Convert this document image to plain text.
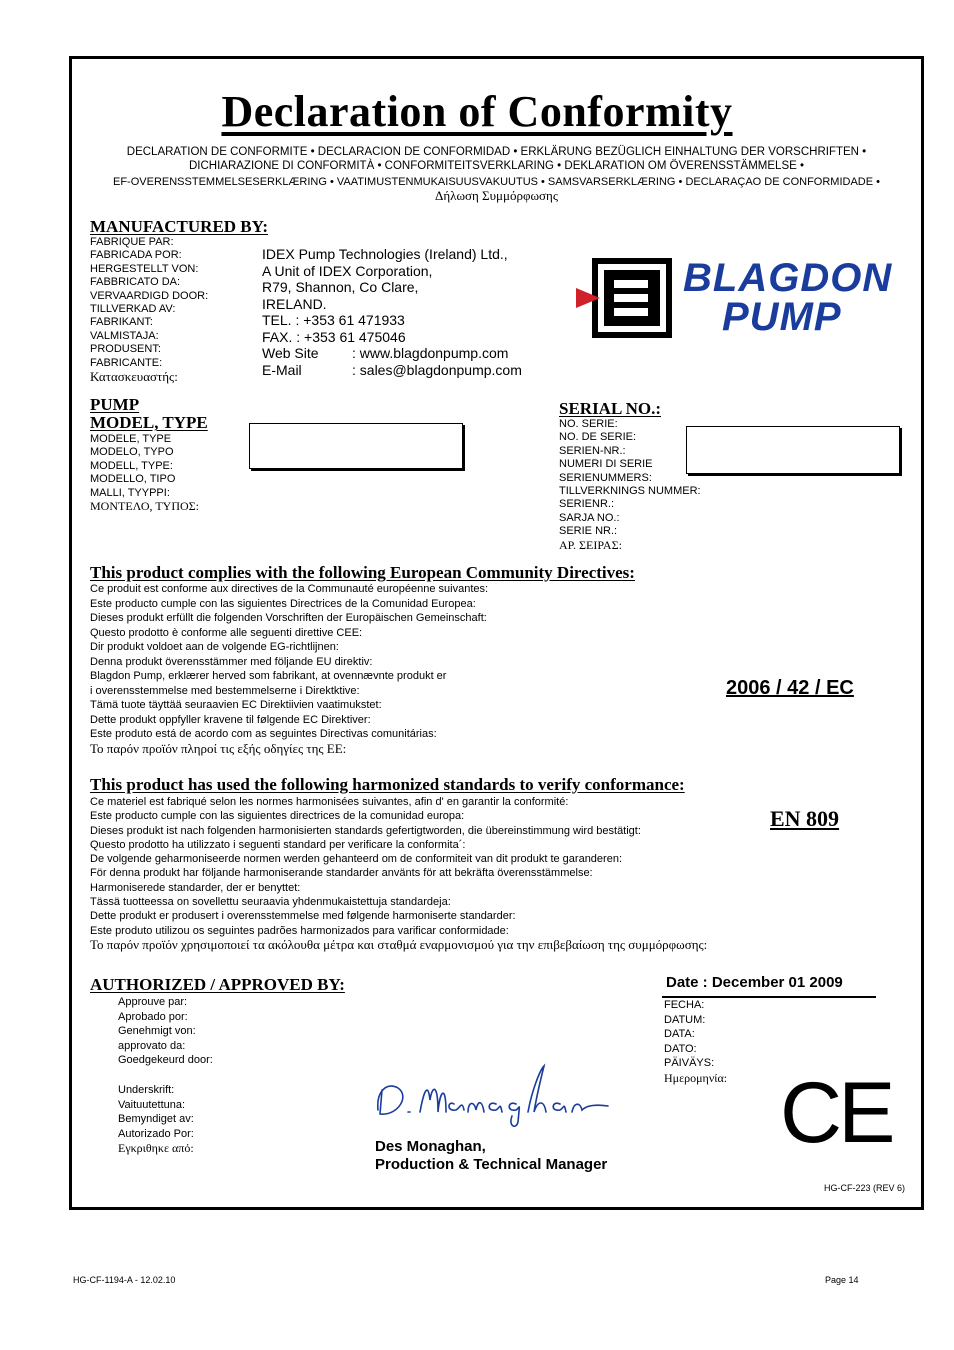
Declaration of Conformity
DECLARATION DE CONFORMITE • DECLARACION DE CONFORMIDAD • ERKLÄRUNG BEZÜGLICH EINHALTUNG DER VORSCHRIFTEN •
DICHIARAZIONE DI CONFORMITÀ • CONFORMITEITSVERKLARING • DEKLARATION OM ÖVERENSSTÄMMELSE •
EF-OVERENSSTEMMELSESERKLÆRING • VAATIMUSTENMUKAISUUSVAKUUTUS • SAMSVARSERKLÆRING • DECLARAÇAO DE CONFORMIDADE •
Δήλωση Συμμόρφωσης
MANUFACTURED BY:
FABRIQUE PAR:
FABRICADA POR:
HERGESTELLT VON:
FABBRICATO DA:
VERVAARDIGD DOOR:
TILLVERKAD AV:
FABRIKANT:
VALMISTAJA:
PRODUSENT:
FABRICANTE:
Κατασκευαστής:
IDEX Pump Technologies (Ireland) Ltd.,
A Unit of IDEX Corporation,
R79, Shannon, Co Clare,
IRELAND.
TEL. : +353 61 471933
FAX. : +353 61 475046
Web Site : www.blagdonpump.com
E-Mail	: sales@blagdonpump.com
BLAGDON
PUMP
PUMP
MODEL, TYPE
MODELE, TYPE
MODELO, TYPO
MODELL, TYPE:
MODELLO, TIPO
MALLI, TYYPPI:
ΜΟΝΤΕΛΟ, ΤΥΠΟΣ:
SERIAL NO.:
NO. SERIE:
NO. DE SERIE:
SERIEN-NR.:
NUMERI DI SERIE
SERIENUMMERS:
TILLVERKNINGS NUMMER:
SERIENR.:
SARJA NO.:
SERIE NR.:
ΑΡ. ΣΕΙΡΑΣ:
This product complies with the following European Community Directives:
Ce produit est conforme aux directives de la Communauté européenne suivantes:
Este producto cumple con las siguientes Directrices de la Comunidad Europea:
Dieses produkt erfüllt die folgenden Vorschriften der Europäischen Gemeinschaft:
Questo prodotto è conforme alle seguenti direttive CEE:
Dir produkt voldoet aan de volgende EG-richtlijnen:
Denna produkt överensstämmer med följande EU direktiv:
Blagdon Pump, erklærer herved som fabrikant, at ovennævnte produkt er
i overensstemmelse med bestemmelserne i Direktktive:
Tämä tuote täyttää seuraavien EC Direktiivien vaatimukstet:
Dette produkt oppfyller kravene til følgende EC Direktiver:
Este produto está de acordo com as seguintes Directivas comunitárias:
Το παρόν προϊόν πληροί τις εξής οδηγίες της ΕΕ:
2006 / 42 / EC
This product has used the following harmonized standards to verify conformance:
Ce materiel est fabriqué selon les normes harmonisées suivantes, afin d' en garantir la conformité:
Este producto cumple con las siguientes directrices de la comunidad europa:
Dieses produkt ist nach folgenden harmonisierten standards gefertigtworden, die übereinstimmung wird bestätigt:
Questo prodotto ha utilizzato i seguenti standard per verificare la conformita´:
De volgende geharmoniseerde normen werden gehanteerd om de conformiteit van dit produkt te garanderen:
För denna produkt har följande harmoniserande standarder använts för att bekräfta överensstämmelse:
Harmoniserede standarder, der er benyttet:
Tässä tuotteessa on sovellettu seuraavia yhdenmukaistettuja standardeja:
Dette produkt er produsert i overensstemmelse med følgende harmoniserte standarder:
Este produto utilizou os seguintes padrões harmonizados para varificar conformidade:
Το παρόν προϊόν χρησιμοποιεί τα ακόλουθα μέτρα και σταθμά εναρμονισμού για την επιβεβαίωση της συμμόρφωσης:
EN 809
AUTHORIZED / APPROVED BY:
Approuve par:
Aprobado por:
Genehmigt von:
approvato da:
Goedgekeurd door:
Underskrift:
Vaituutettuna:
Bemyndiget av:
Autorizado Por:
Εγκριθηκε από:	Des Monaghan,
Production & Technical Manager
Date : December 01 2009
FECHA:
DATUM:
DATA:
DATO:
PÄIVÄYS:
Ημερομηνία: CE
HG-CF-223 (REV 6)
HG-CF-1194-A - 12.02.10	Page 14
